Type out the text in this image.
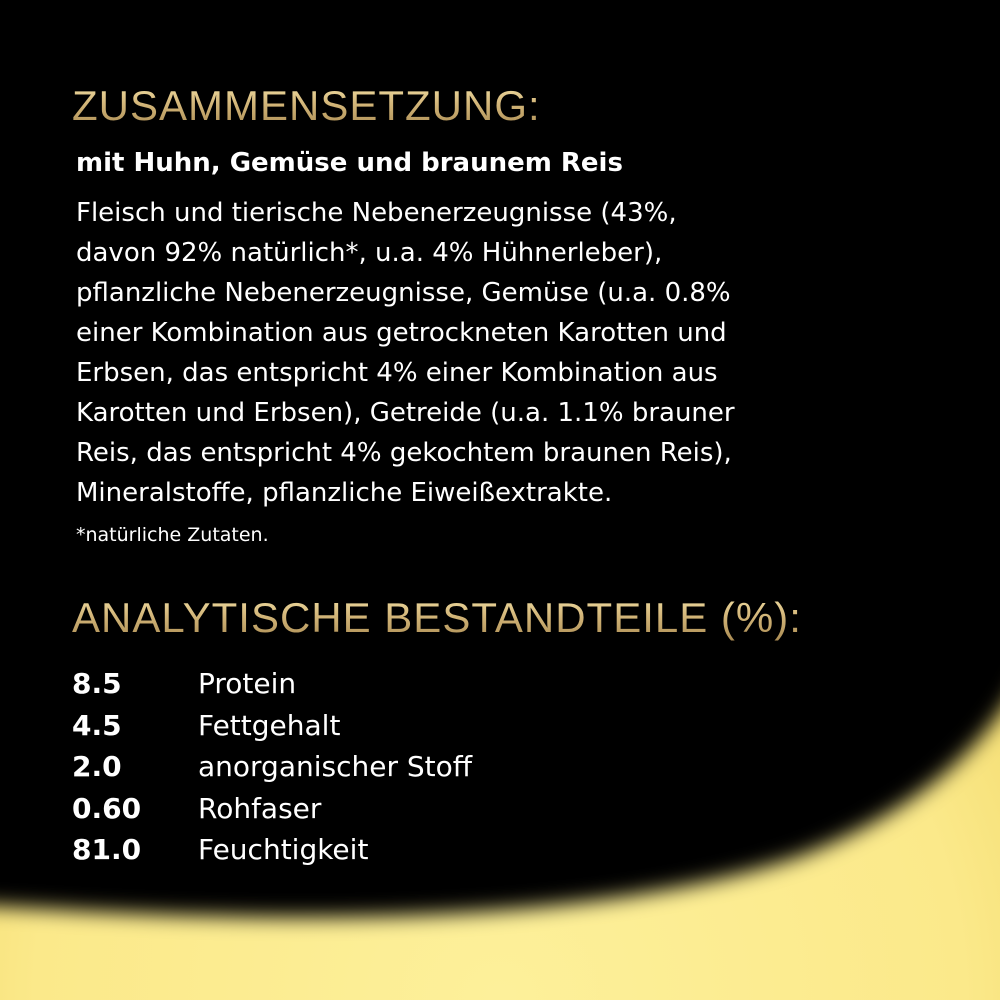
ZUSAMMENSETZUNG:

mit Huhn, Gemüse und braunem Reis

Fleisch und tierische Nebenerzeugnisse (43%,
davon 92% natürlich*, u.a. 4% Hühnerleber),
pflanzliche Nebenerzeugnisse, Gemüse (u.a. 0.8%
einer Kombination aus getrockneten Karotten und
Erbsen, das entspricht 4% einer Kombination aus
Karotten und Erbsen), Getreide (u.a. 1.1% brauner
Reis, das entspricht 4% gekochtem braunen Reis),
Mineralstoffe, pflanzliche Eiweißextrakte.

*natürliche Zutaten.

ANALYTISCHE BESTANDTEILE (%):
8.5	Protein
4.5	Fettgehalt
2.0	anorganischer Stoff
0.60	Rohfaser
81.0	Feuchtigkeit
